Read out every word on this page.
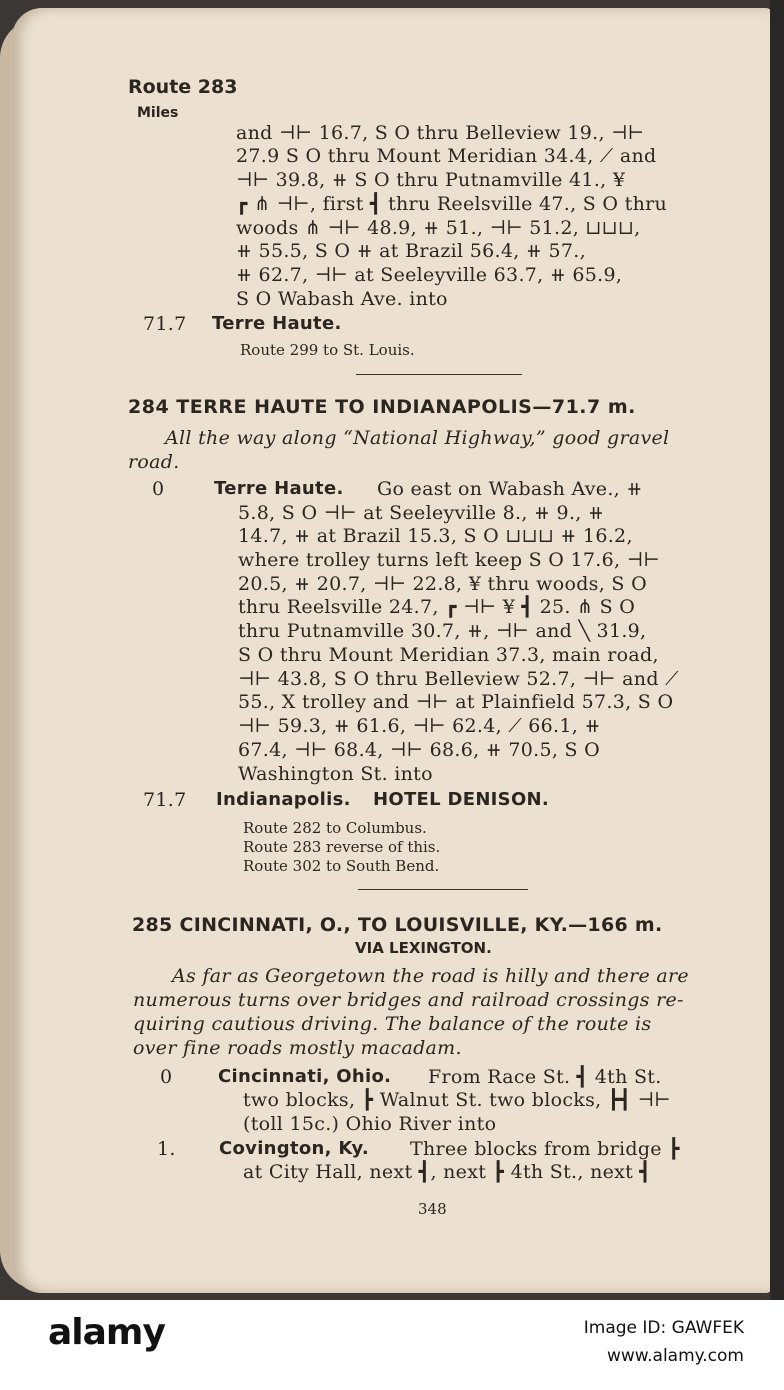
Route 283
Miles
and ⊣⊢ 16.7, S O thru Belleview 19., ⊣⊢
27.9 S O thru Mount Meridian 34.4, ⟋ and
⊣⊢ 39.8, ⧺ S O thru Putnamville 41., ¥
┏ ⋔ ⊣⊢, first ┫ thru Reelsville 47., S O thru
woods ⋔ ⊣⊢ 48.9, ⧺ 51., ⊣⊢ 51.2, ⊔⊔⊔,
⧺ 55.5, S O ⧺ at Brazil 56.4, ⧺ 57.,
⧺ 62.7, ⊣⊢ at Seeleyville 63.7, ⧺ 65.9,
S O Wabash Ave. into
71.7 Terre Haute.
Route 299 to St. Louis.
284 TERRE HAUTE TO INDIANAPOLIS—71.7 m.
All the way along “National Highway,” good gravel
road.
0	Terre Haute. Go east on Wabash Ave., ⧺
5.8, S O ⊣⊢ at Seeleyville 8., ⧺ 9., ⧺
14.7, ⧺ at Brazil 15.3, S O ⊔⊔⊔ ⧺ 16.2,
where trolley turns left keep S O 17.6, ⊣⊢
20.5, ⧺ 20.7, ⊣⊢ 22.8, ¥ thru woods, S O
thru Reelsville 24.7, ┏ ⊣⊢ ¥ ┫ 25. ⋔ S O
thru Putnamville 30.7, ⧺, ⊣⊢ and ╲ 31.9,
S O thru Mount Meridian 37.3, main road,
⊣⊢ 43.8, S O thru Belleview 52.7, ⊣⊢ and ⟋
55., X trolley and ⊣⊢ at Plainfield 57.3, S O
⊣⊢ 59.3, ⧺ 61.6, ⊣⊢ 62.4, ⟋ 66.1, ⧺
67.4, ⊣⊢ 68.4, ⊣⊢ 68.6, ⧺ 70.5, S O
Washington St. into
71.7 Indianapolis. HOTEL DENISON.
Route 282 to Columbus.
Route 283 reverse of this.
Route 302 to South Bend.
285 CINCINNATI, O., TO LOUISVILLE, KY.—166 m.
VIA LEXINGTON.
As far as Georgetown the road is hilly and there are
numerous turns over bridges and railroad crossings re-
quiring cautious driving. The balance of the route is
over fine roads mostly macadam.
0	Cincinnati, Ohio. From Race St. ┫ 4th St.
two blocks, ┣ Walnut St. two blocks, ┣┫ ⊣⊢
(toll 15c.) Ohio River into
1. Covington, Ky. Three blocks from bridge ┣
at City Hall, next ┫, next ┣ 4th St., next ┫
348
alamy	Image ID: GAWFEK
www.alamy.com
